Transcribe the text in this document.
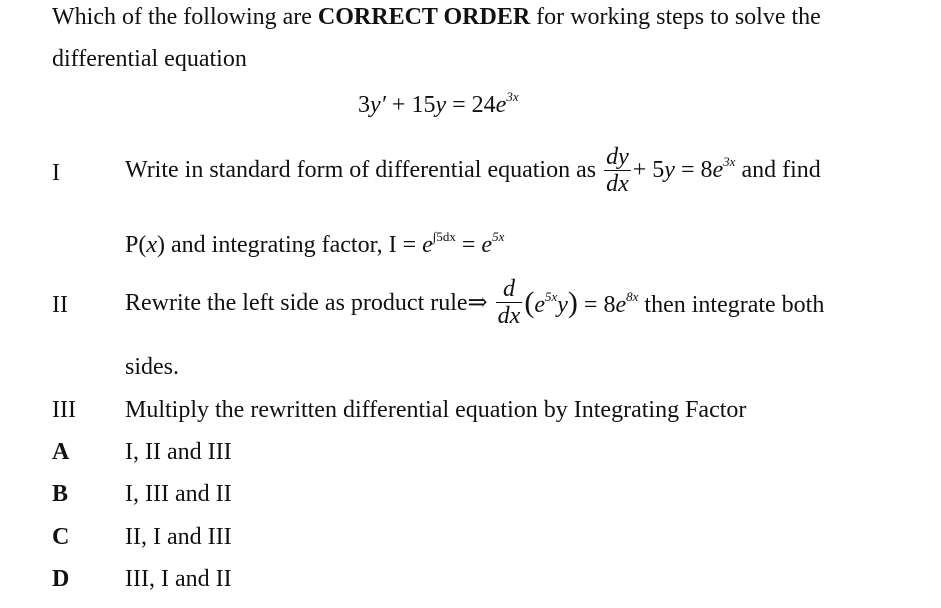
Which of the following are CORRECT ORDER for working steps to solve the
differential equation
$3y' + 15y = 24e^{3x}$
I	Write in standard form of differential equation as $\frac{dy}{dx} + 5y = 8e^{3x}$ and find
P(x) and integrating factor, $I = e^{\int 5dx} = e^{5x}$
II Rewrite the left side as product rule⇒ $\frac{d}{dx} (e^{5x}y) = 8e^{8x}$ then integrate both
sides.
III Multiply the rewritten differential equation by Integrating Factor
A I, II and III
B I, III and II
C II, I and III
D III, I and II
